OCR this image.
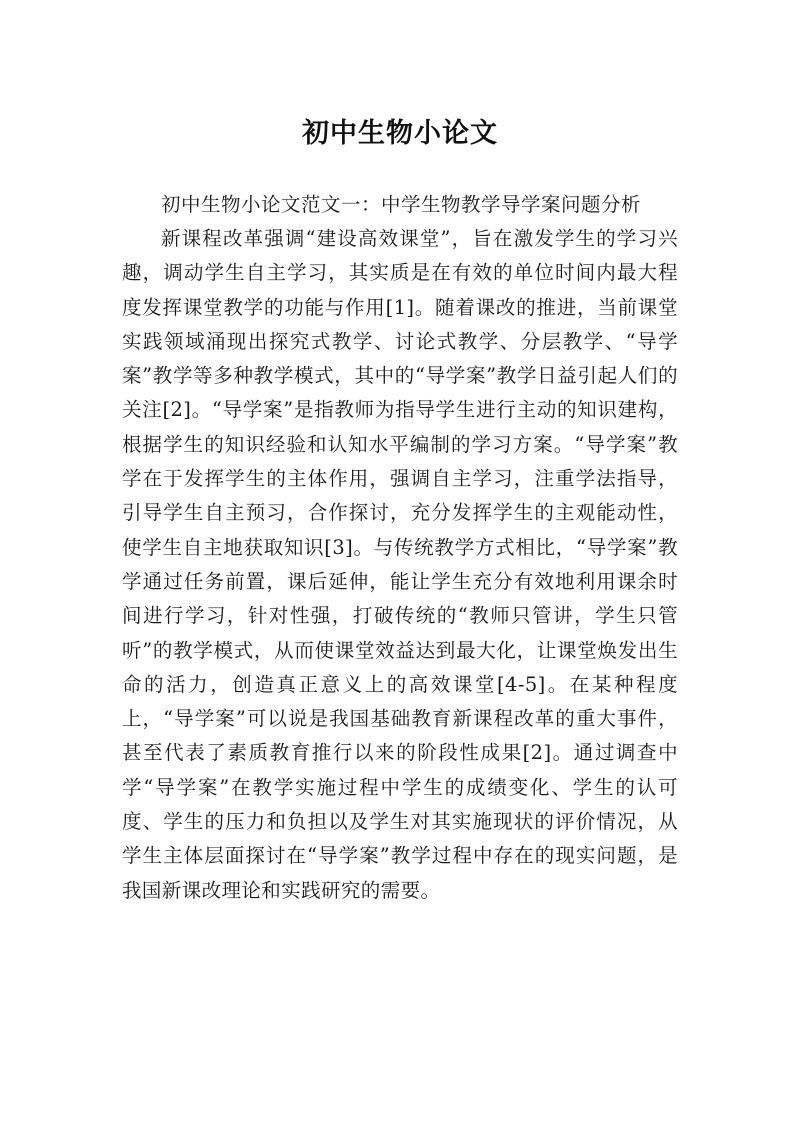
初中生物小论文

初中生物小论文范文一：中学生物教学导学案问题分析

新课程改革强调“建设高效课堂”，旨在激发学生的学习兴趣，调动学生自主学习，其实质是在有效的单位时间内最大程度发挥课堂教学的功能与作用[1]。随着课改的推进，当前课堂实践领域涌现出探究式教学、讨论式教学、分层教学、“导学案”教学等多种教学模式，其中的“导学案”教学日益引起人们的关注[2]。“导学案”是指教师为指导学生进行主动的知识建构，根据学生的知识经验和认知水平编制的学习方案。“导学案”教学在于发挥学生的主体作用，强调自主学习，注重学法指导，引导学生自主预习，合作探讨，充分发挥学生的主观能动性，使学生自主地获取知识[3]。与传统教学方式相比，“导学案”教学通过任务前置，课后延伸，能让学生充分有效地利用课余时间进行学习，针对性强，打破传统的“教师只管讲，学生只管听”的教学模式，从而使课堂效益达到最大化，让课堂焕发出生命的活力，创造真正意义上的高效课堂[4-5]。在某种程度上，“导学案”可以说是我国基础教育新课程改革的重大事件，甚至代表了素质教育推行以来的阶段性成果[2]。通过调查中学“导学案”在教学实施过程中学生的成绩变化、学生的认可度、学生的压力和负担以及学生对其实施现状的评价情况，从学生主体层面探讨在“导学案”教学过程中存在的现实问题，是我国新课改理论和实践研究的需要。
